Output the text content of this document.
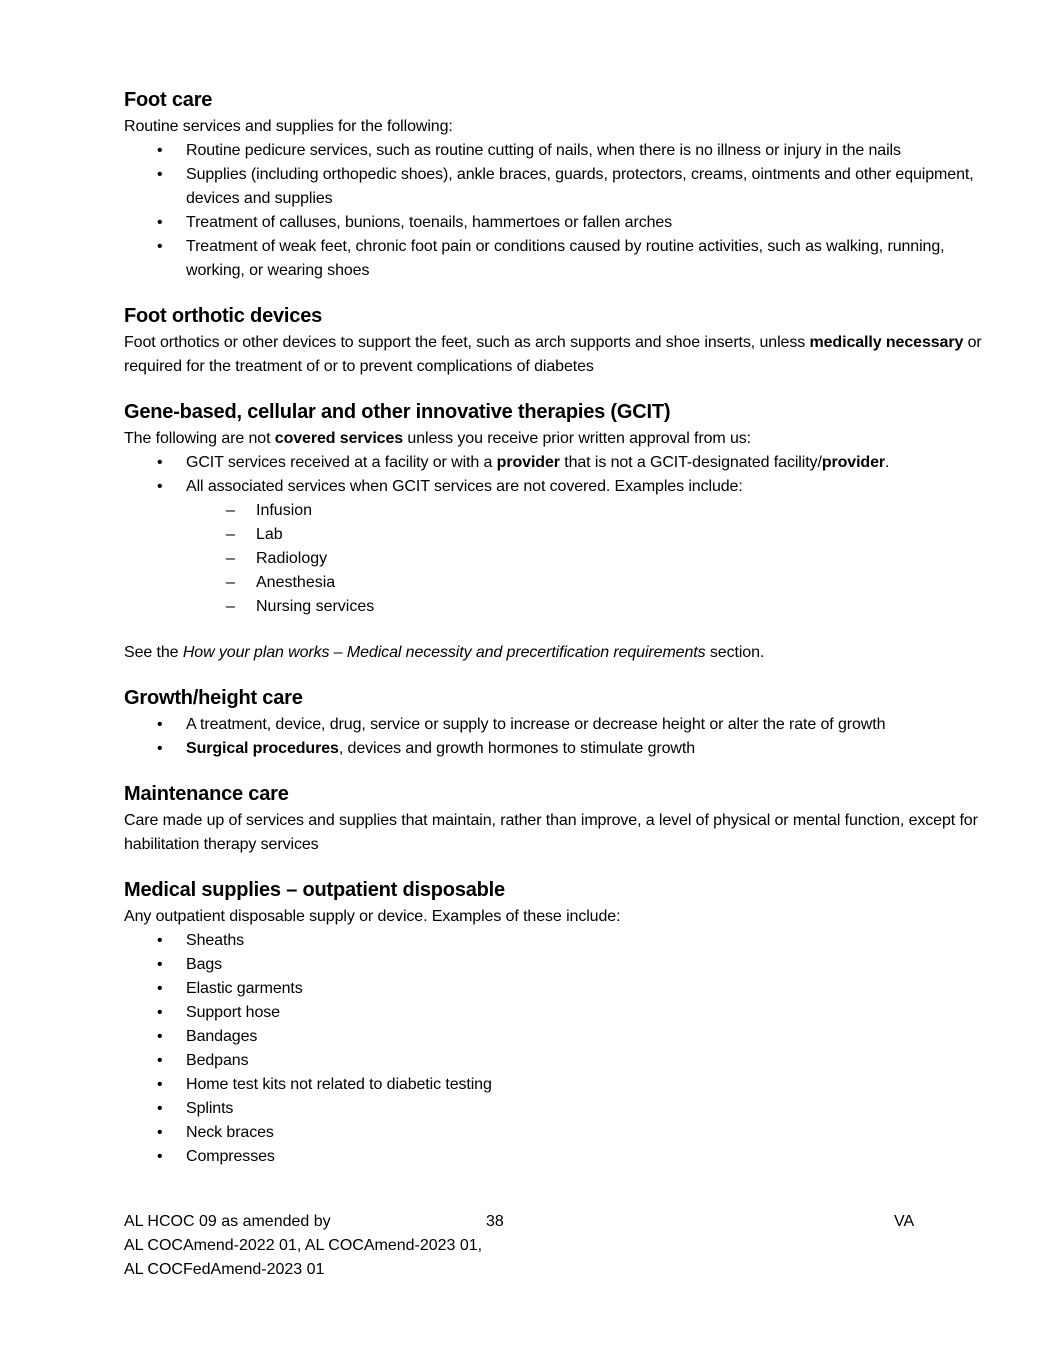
Foot care

Routine services and supplies for the following:

• Routine pedicure services, such as routine cutting of nails, when there is no illness or injury in the nails
• Supplies (including orthopedic shoes), ankle braces, guards, protectors, creams, ointments and other equipment, devices and supplies
• Treatment of calluses, bunions, toenails, hammertoes or fallen arches
• Treatment of weak feet, chronic foot pain or conditions caused by routine activities, such as walking, running, working, or wearing shoes
Foot orthotic devices

Foot orthotics or other devices to support the feet, such as arch supports and shoe inserts, unless medically necessary or required for the treatment of or to prevent complications of diabetes

Gene-based, cellular and other innovative therapies (GCIT)

The following are not covered services unless you receive prior written approval from us:

• GCIT services received at a facility or with a provider that is not a GCIT-designated facility/provider.
• All associated services when GCIT services are not covered. Examples include:
– Infusion
– Lab
– Radiology
– Anesthesia
– Nursing services

See the How your plan works – Medical necessity and precertification requirements section.

Growth/height care
• A treatment, device, drug, service or supply to increase or decrease height or alter the rate of growth
• Surgical procedures, devices and growth hormones to stimulate growth
Maintenance care

Care made up of services and supplies that maintain, rather than improve, a level of physical or mental function, except for habilitation therapy services

Medical supplies – outpatient disposable

Any outpatient disposable supply or device. Examples of these include:

• Sheaths
• Bags
• Elastic garments
• Support hose
• Bandages
• Bedpans
• Home test kits not related to diabetic testing
• Splints
• Neck braces
• Compresses
AL HCOC 09 as amended by
AL COCAmend-2022 01, AL COCAmend-2023 01,
AL COCFedAmend-2023 01
38	VA
